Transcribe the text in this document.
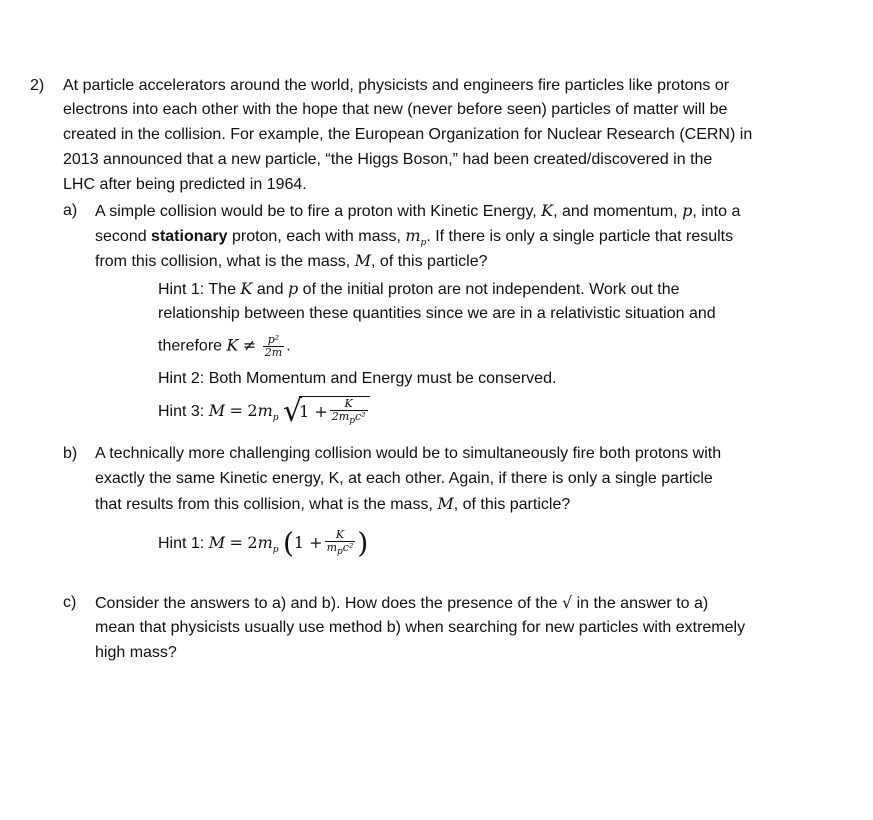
2) At particle accelerators around the world, physicists and engineers fire particles like protons or
electrons into each other with the hope that new (never before seen) particles of matter will be
created in the collision. For example, the European Organization for Nuclear Research (CERN) in
2013 announced that a new particle, “the Higgs Boson,” had been created/discovered in the
LHC after being predicted in 1964.
a) A simple collision would be to fire a proton with Kinetic Energy, K, and momentum, p, into a
second stationary proton, each with mass, $m_p$. If there is only a single particle that results
from this collision, what is the mass, M, of this particle?
Hint 1: The K and p of the initial proton are not independent. Work out the
relationship between these quantities since we are in a relativistic situation and
therefore $K \ne \frac{\text{p²}}{2m}$ .
Hint 2: Both Momentum and Energy must be conserved.
Hint 3: $M = 2m_p$ $√1 + \frac{K}{2m_pc^2}$
b) A technically more challenging collision would be to simultaneously fire both protons with
exactly the same Kinetic energy, K, at each other. Again, if there is only a single particle
that results from this collision, what is the mass, M, of this particle?
Hint 1: $M = 2m_p$ ($1 + \frac{K}{m_pc^2}$ )
c) Consider the answers to a) and b). How does the presence of the √ in the answer to a)
mean that physicists usually use method b) when searching for new particles with extremely
high mass?
